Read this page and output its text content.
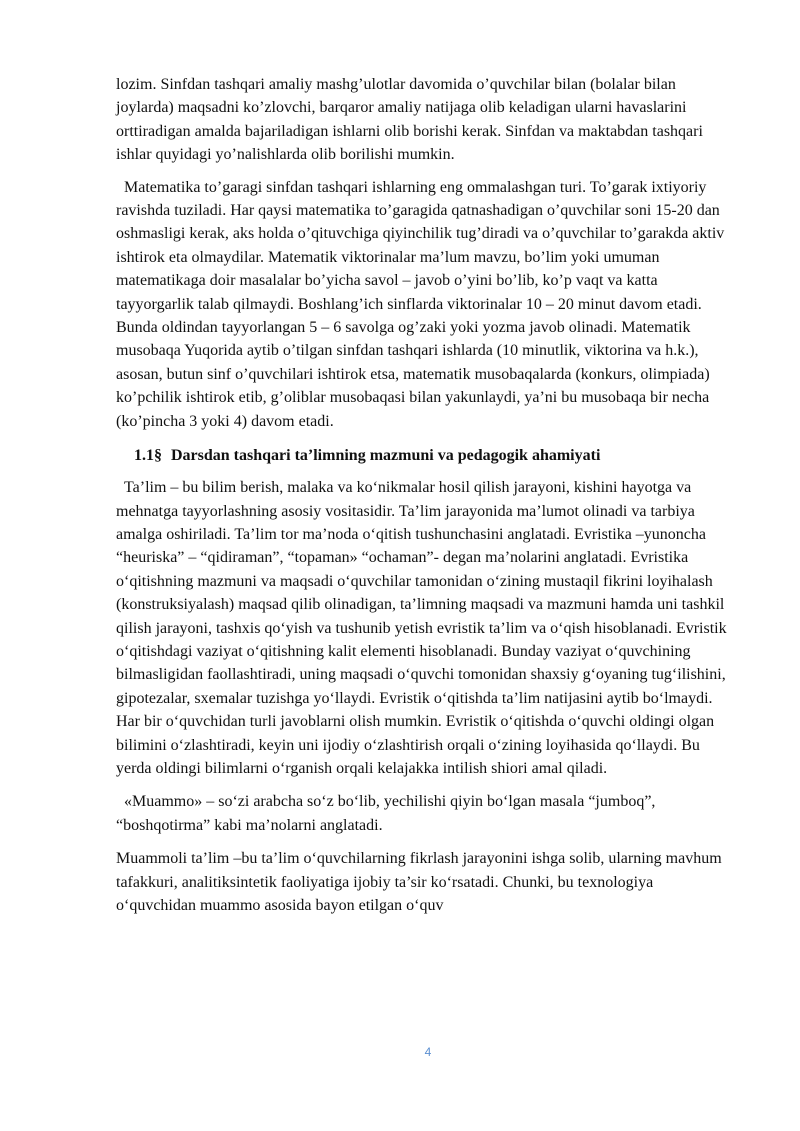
lozim. Sinfdan tashqari amaliy mashg’ulotlar davomida o’quvchilar bilan (bolalar bilan joylarda) maqsadni ko’zlovchi, barqaror amaliy natijaga olib keladigan ularni havaslarini orttiradigan amalda bajariladigan ishlarni olib borishi kerak. Sinfdan va maktabdan tashqari ishlar quyidagi yo’nalishlarda olib borilishi mumkin.

Matematika to’garagi sinfdan tashqari ishlarning eng ommalashgan turi. To’garak ixtiyoriy ravishda tuziladi. Har qaysi matematika to’garagida qatnashadigan o’quvchilar soni 15-20 dan oshmasligi kerak, aks holda o’qituvchiga qiyinchilik tug’diradi va o’quvchilar to’garakda aktiv ishtirok eta olmaydilar. Matematik viktorinalar ma’lum mavzu, bo’lim yoki umuman matematikaga doir masalalar bo’yicha savol – javob o’yini bo’lib, ko’p vaqt va katta tayyorgarlik talab qilmaydi. Boshlang’ich sinflarda viktorinalar 10 – 20 minut davom etadi. Bunda oldindan tayyorlangan 5 – 6 savolga og’zaki yoki yozma javob olinadi. Matematik musobaqa Yuqorida aytib o’tilgan sinfdan tashqari ishlarda (10 minutlik, viktorina va h.k.), asosan, butun sinf o’quvchilari ishtirok etsa, matematik musobaqalarda (konkurs, olimpiada) ko’pchilik ishtirok etib, g’oliblar musobaqasi bilan yakunlaydi, ya’ni bu musobaqa bir necha (ko’pincha 3 yoki 4) davom etadi.

1.1§ Darsdan tashqari ta’limning mazmuni va pedagogik ahamiyati

Ta’lim – bu bilim berish, malaka va ko‘nikmalar hosil qilish jarayoni, kishini hayotga va mehnatga tayyorlashning asosiy vositasidir. Ta’lim jarayonida ma’lumot olinadi va tarbiya amalga oshiriladi. Ta’lim tor ma’noda o‘qitish tushunchasini anglatadi. Evristika –yunoncha “heuriska” – “qidiraman”, “topaman» “ochaman”- degan ma’nolarini anglatadi. Evristika o‘qitishning mazmuni va maqsadi o‘quvchilar tamonidan o‘zining mustaqil fikrini loyihalash (konstruksiyalash) maqsad qilib olinadigan, ta’limning maqsadi va mazmuni hamda uni tashkil qilish jarayoni, tashxis qo‘yish va tushunib yetish evristik ta’lim va o‘qish hisoblanadi. Evristik o‘qitishdagi vaziyat o‘qitishning kalit elementi hisoblanadi. Bunday vaziyat o‘quvchining bilmasligidan faollashtiradi, uning maqsadi o‘quvchi tomonidan shaxsiy g‘oyaning tug‘ilishini, gipotezalar, sxemalar tuzishga yo‘llaydi. Evristik o‘qitishda ta’lim natijasini aytib bo‘lmaydi. Har bir o‘quvchidan turli javoblarni olish mumkin. Evristik o‘qitishda o‘quvchi oldingi olgan bilimini o‘zlashtiradi, keyin uni ijodiy o‘zlashtirish orqali o‘zining loyihasida qo‘llaydi. Bu yerda oldingi bilimlarni o‘rganish orqali kelajakka intilish shiori amal qiladi.

«Muammo» – so‘zi arabcha so‘z bo‘lib, yechilishi qiyin bo‘lgan masala “jumboq”, “boshqotirma” kabi ma’nolarni anglatadi.

Muammoli ta’lim –bu ta’lim o‘quvchilarning fikrlash jarayonini ishga solib, ularning mavhum tafakkuri, analitiksintetik faoliyatiga ijobiy ta’sir ko‘rsatadi. Chunki, bu texnologiya o‘quvchidan muammo asosida bayon etilgan o‘quv

4
